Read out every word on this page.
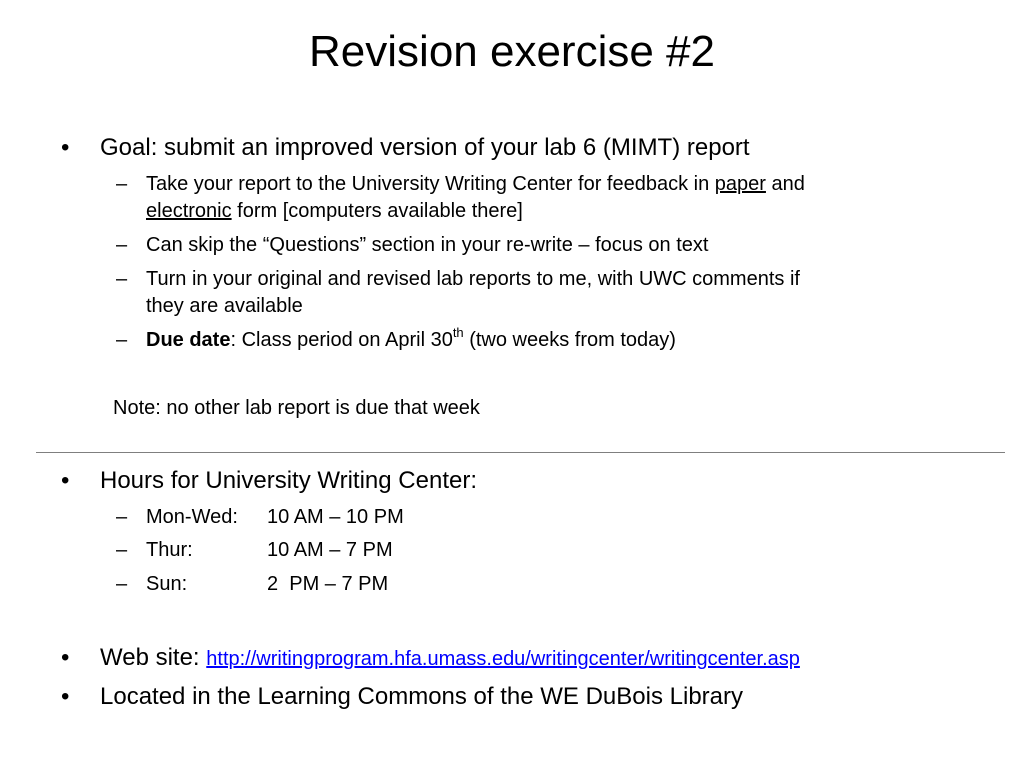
Revision exercise #2
• Goal: submit an improved version of your lab 6 (MIMT) report
– Take your report to the University Writing Center for feedback in paper and
electronic form [computers available there]
– Can skip the “Questions” section in your re-write – focus on text
– Turn in your original and revised lab reports to me, with UWC comments if
they are available
– Due date: Class period on April 30th (two weeks from today)
Note: no other lab report is due that week
• Hours for University Writing Center:
– Mon-Wed: 10 AM – 10 PM
– Thur:	10 AM – 7 PM
– Sun:	2  PM – 7 PM
• Web site: http://writingprogram.hfa.umass.edu/writingcenter/writingcenter.asp
• Located in the Learning Commons of the WE DuBois Library
